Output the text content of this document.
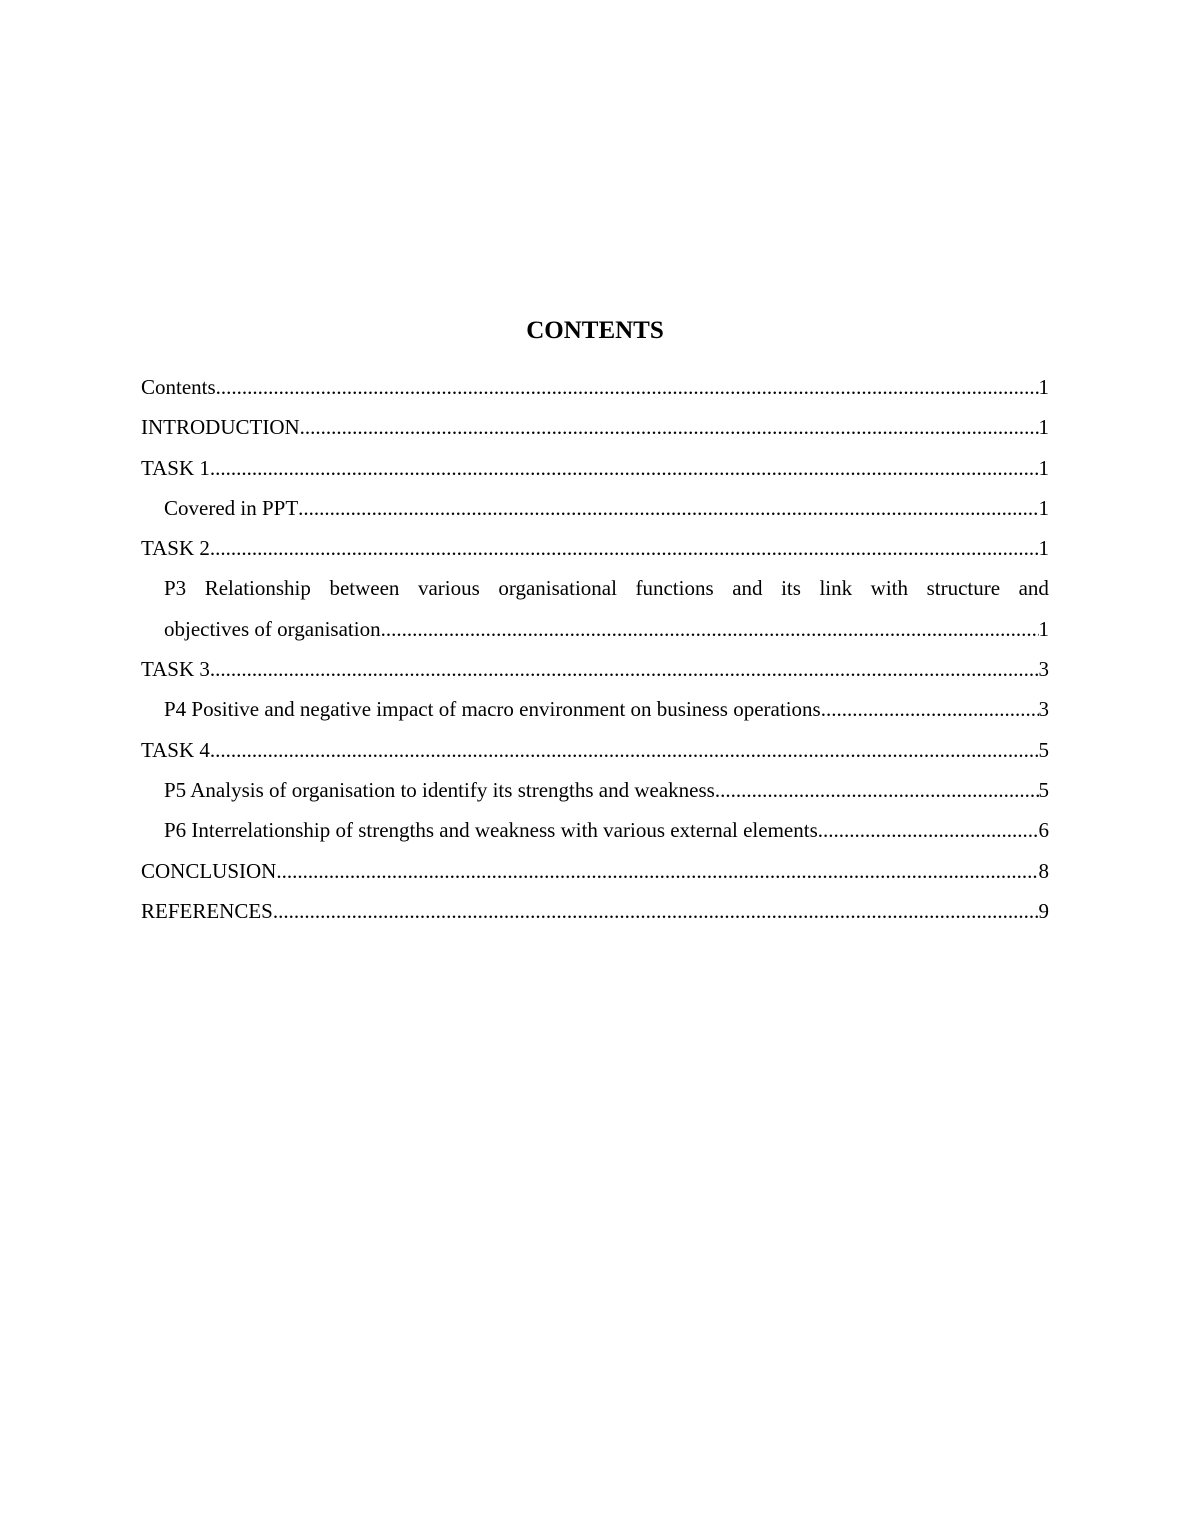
CONTENTS
Contents .....	1
INTRODUCTION .....	1
TASK 1 .....	1
Covered in PPT .....	1
TASK 2 .....	1
P3 Relationship between various organisational functions and its link with structure and
objectives of organisation .....	1
TASK 3 .....	3
P4 Positive and negative impact of macro environment on business operations .....	3
TASK 4 .....	5
P5 Analysis of organisation to identify its strengths and weakness .....	5
P6 Interrelationship of strengths and weakness with various external elements .....	6
CONCLUSION .....	8
REFERENCES .....	9
